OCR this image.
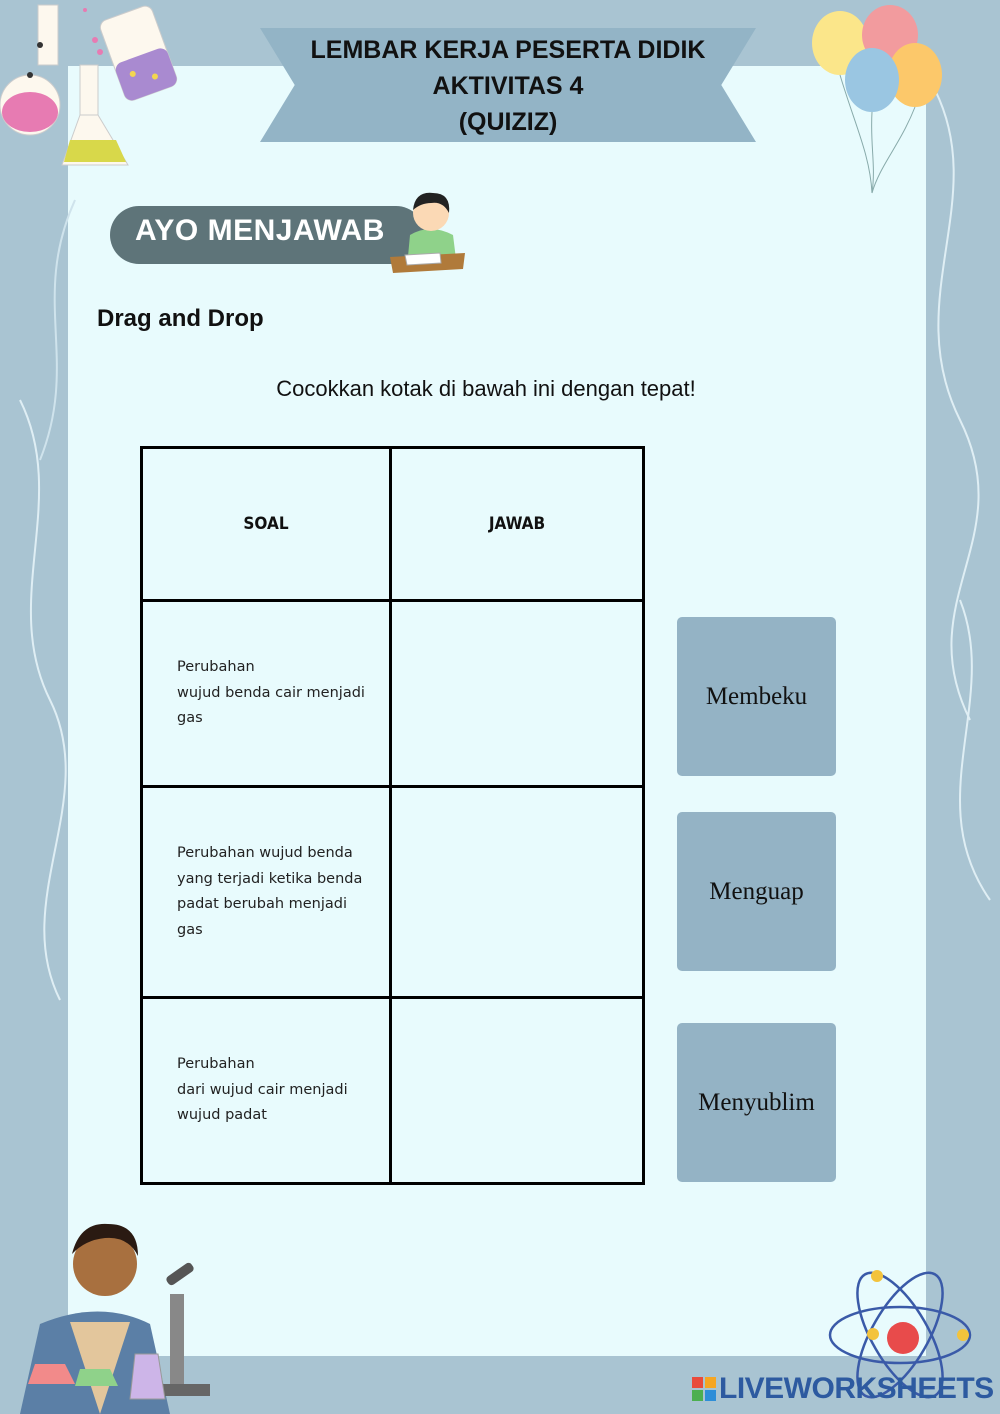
LEMBAR KERJA PESERTA DIDIK
AKTIVITAS 4
(QUIZIZ)
AYO MENJAWAB
Drag and Drop
Cocokkan kotak di bawah ini dengan tepat!
SOAL	JAWAB

Perubahan
wujud benda cair menjadi
gas	

Perubahan wujud benda
yang terjadi ketika benda
padat berubah menjadi
gas	

Perubahan
dari wujud cair menjadi
wujud padat	

Membeku
Menguap
Menyublim
LIVEWORKSHEETS
